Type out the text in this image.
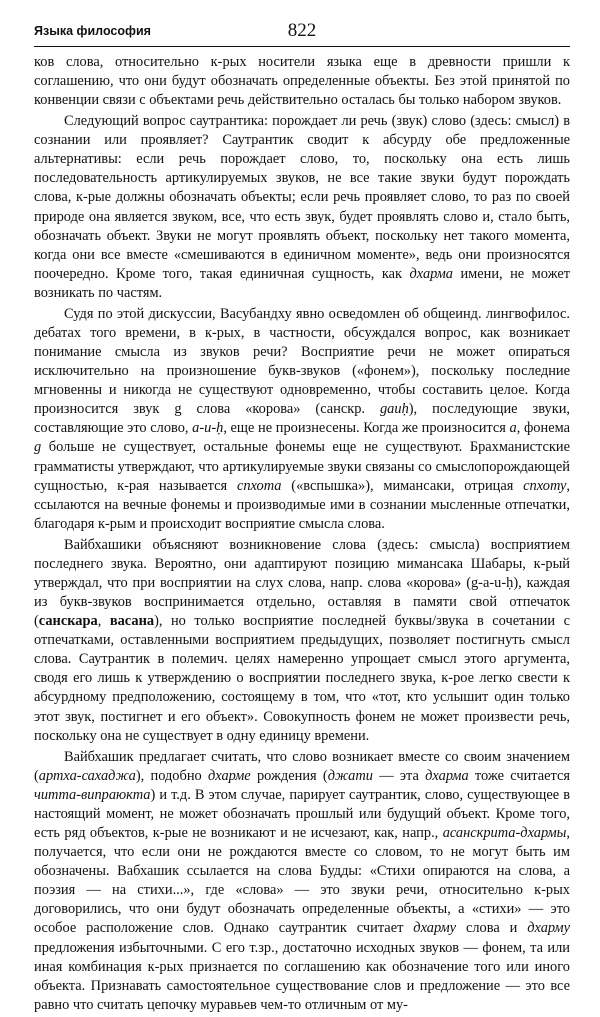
Языка философия	822

ков слова, относительно к-рых носители языка еще в древности пришли к соглашению, что они будут обозначать определенные объекты. Без этой принятой по конвенции связи с объектами речь действительно осталась бы только набором звуков.

Следующий вопрос саутрантика: порождает ли речь (звук) слово (здесь: смысл) в сознании или проявляет? Саутрантик сводит к абсурду обе предложенные альтернативы: если речь порождает слово, то, поскольку она есть лишь последовательность артикулируемых звуков, не все такие звуки будут порождать слова, к-рые должны обозначать объекты; если речь проявляет слово, то раз по своей природе она является звуком, все, что есть звук, будет проявлять слово и, стало быть, обозначать объект. Звуки не могут проявлять объект, поскольку нет такого момента, когда они все вместе «смешиваются в единичном моменте», ведь они произносятся поочередно. Кроме того, такая единичная сущность, как дхарма имени, не может возникать по частям.

Судя по этой дискуссии, Васубандху явно осведомлен об общеинд. лингвофилос. дебатах того времени, в к-рых, в частности, обсуждался вопрос, как возникает понимание смысла из звуков речи? Восприятие речи не может опираться исключительно на произношение букв-звуков («фонем»), поскольку последние мгновенны и никогда не существуют одновременно, чтобы составить целое. Когда произносится звук g слова «корова» (санскр. gauḥ), последующие звуки, составляющие это слово, а-u-ḥ, еще не произнесены. Когда же произносится а, фонема g больше не существует, остальные фонемы еще не существуют. Брахманистские грамматисты утверждают, что артикулируемые звуки связаны со смыслопорождающей сущностью, к-рая называется спхота («вспышка»), мимансаки, отрицая спхоту, ссылаются на вечные фонемы и производимые ими в сознании мысленные отпечатки, благодаря к-рым и происходит восприятие смысла слова.

Вайбхашики объясняют возникновение слова (здесь: смысла) восприятием последнего звука. Вероятно, они адаптируют позицию мимансака Шабары, к-рый утверждал, что при восприятии на слух слова, напр. слова «корова» (g-a-u-ḥ), каждая из букв-звуков воспринимается отдельно, оставляя в памяти свой отпечаток (санскара, васана), но только восприятие последней буквы/звука в сочетании с отпечатками, оставленными восприятием предыдущих, позволяет постигнуть смысл слова. Саутрантик в полемич. целях намеренно упрощает смысл этого аргумента, сводя его лишь к утверждению о восприятии последнего звука, к-рое легко свести к абсурдному предположению, состоящему в том, что «тот, кто услышит один только этот звук, постигнет и его объект». Совокупность фонем не может произвести речь, поскольку она не существует в одну единицу времени.

Вайбхашик предлагает считать, что слово возникает вместе со своим значением (артха-сахаджа), подобно дхарме рождения (джати — эта дхарма тоже считается читта-випраюкта) и т.д. В этом случае, парирует саутрантик, слово, существующее в настоящий момент, не может обозначать прошлый или будущий объект. Кроме того, есть ряд объектов, к-рые не возникают и не исчезают, как, напр., асанскрита-дхармы, получается, что если они не рождаются вместе со словом, то не могут быть им обозначены. Вабхашик ссылается на слова Будды: «Стихи опираются на слова, а поэзия — на стихи...», где «слова» — это звуки речи, относительно к-рых договорились, что они будут обозначать определенные объекты, а «стихи» — это особое расположение слов. Однако саутрантик считает дхарму слова и дхарму предложения избыточными. С его т.зр., достаточно исходных звуков — фонем, та или иная комбинация к-рых признается по соглашению как обозначение того или иного объекта. Признавать самостоятельное существование слов и предложение — это все равно что считать цепочку муравьев чем-то отличным от му-
